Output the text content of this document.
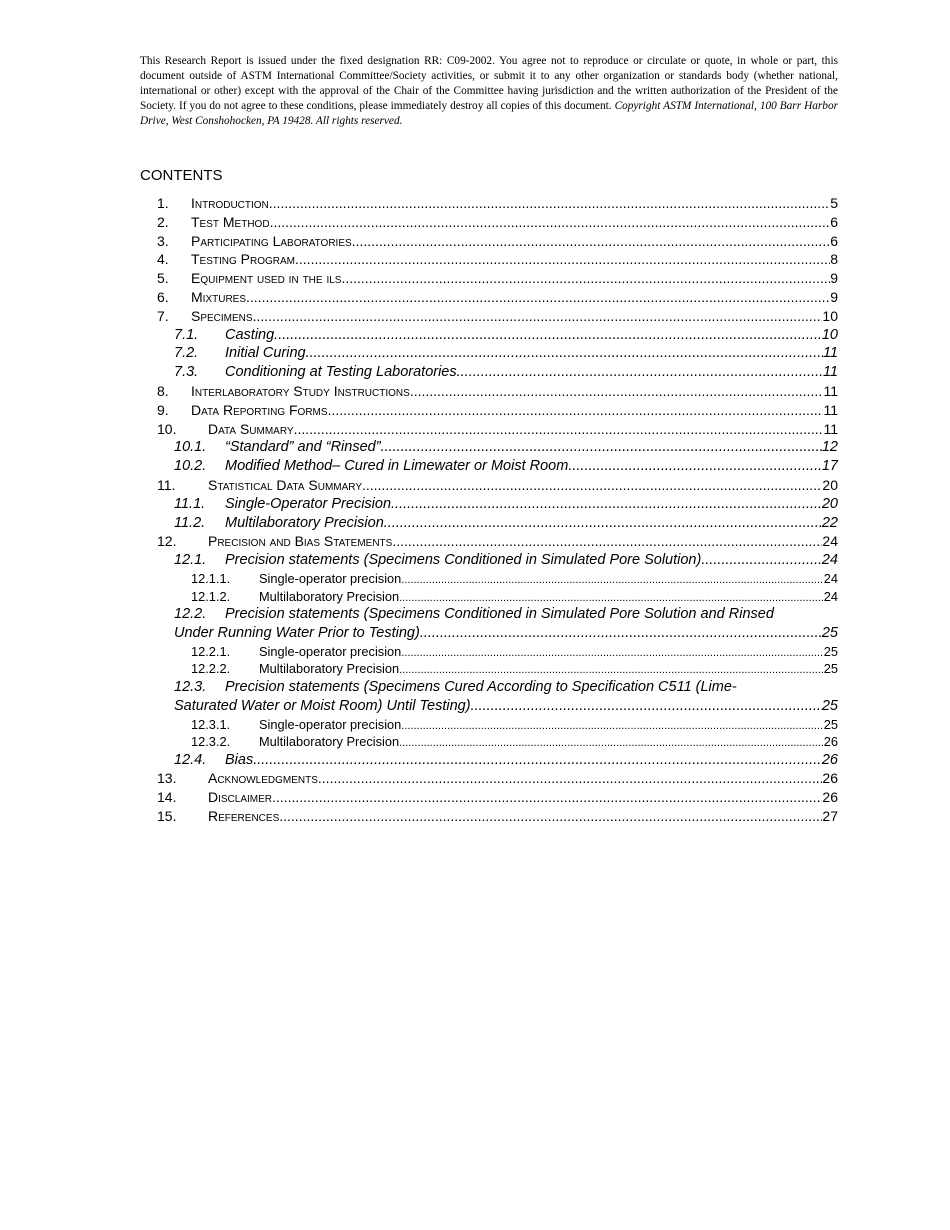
This Research Report is issued under the fixed designation RR: C09-2002. You agree not to reproduce or circulate or quote, in whole or part, this document outside of ASTM International Committee/Society activities, or submit it to any other organization or standards body (whether national, international or other) except with the approval of the Chair of the Committee having jurisdiction and the written authorization of the President of the Society. If you do not agree to these conditions, please immediately destroy all copies of this document. Copyright ASTM International, 100 Barr Harbor Drive, West Conshohocken, PA 19428. All rights reserved.

CONTENTS
1.	Introduction .....	5
2.	Test Method .....	6
3.	Participating Laboratories .....	6
4.	Testing Program .....	8
5.	Equipment used in the ils .....	9
6.	Mixtures .....	9
7.	Specimens .....	10
7.1.	Casting .....	10
7.2.	Initial Curing .....	11
7.3.	Conditioning at Testing Laboratories .....	11
8.	Interlaboratory Study Instructions .....	11
9.	Data Reporting Forms .....	11
10.	Data Summary .....	11
10.1.	“Standard” and “Rinsed” .....	12
10.2.	Modified Method– Cured in Limewater or Moist Room .....	17
11.	Statistical Data Summary .....	20
11.1.	Single-Operator Precision .....	20
11.2.	Multilaboratory Precision .....	22
12.	Precision and Bias Statements .....	24
12.1.	Precision statements (Specimens Conditioned in Simulated Pore Solution) .....	24
12.1.1.	Single-operator precision .....	24
12.1.2.	Multilaboratory Precision .....	24
12.2. Precision statements (Specimens Conditioned in Simulated Pore Solution and Rinsed
Under Running Water Prior to Testing) .....	25
12.2.1.	Single-operator precision .....	25
12.2.2.	Multilaboratory Precision .....	25
12.3. Precision statements (Specimens Cured According to Specification C511 (Lime-
Saturated Water or Moist Room) Until Testing) .....	25
12.3.1.	Single-operator precision .....	25
12.3.2.	Multilaboratory Precision .....	26
12.4.	Bias. .....	26
13.	Acknowledgments .....	26
14.	Disclaimer .....	26
15.	References .....	27
